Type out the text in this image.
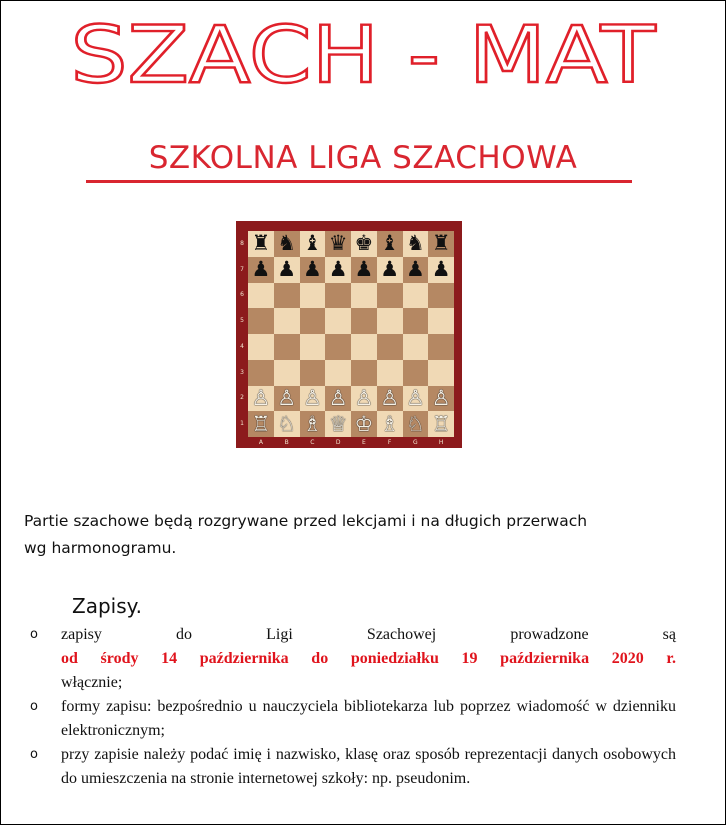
SZACH - MAT
SZKOLNA LIGA SZACHOWA
♜ ♞ ♝ ♛ ♚ ♝ ♞ ♜
♟ ♟ ♟ ♟ ♟ ♟ ♟ ♟
♙ ♙ ♙ ♙ ♙ ♙ ♙ ♙
♖ ♘ ♗ ♕ ♔ ♗ ♘ ♖
8
7
6
5
4
3
2
1
A	B	C	D	E	F	G	H
Partie szachowe będą rozgrywane przed lekcjami i na długich przerwach
wg harmonogramu.
Zapisy.
o zapisy do Ligi Szachowej prowadzone są
od środy 14 października do poniedziałku 19 października 2020 r.
włącznie;
o formy zapisu: bezpośrednio u nauczyciela bibliotekarza lub poprzez wiadomość w dzienniku elektronicznym;
o przy zapisie należy podać imię i nazwisko, klasę oraz sposób reprezentacji danych osobowych do umieszczenia na stronie internetowej szkoły: np. pseudonim.
